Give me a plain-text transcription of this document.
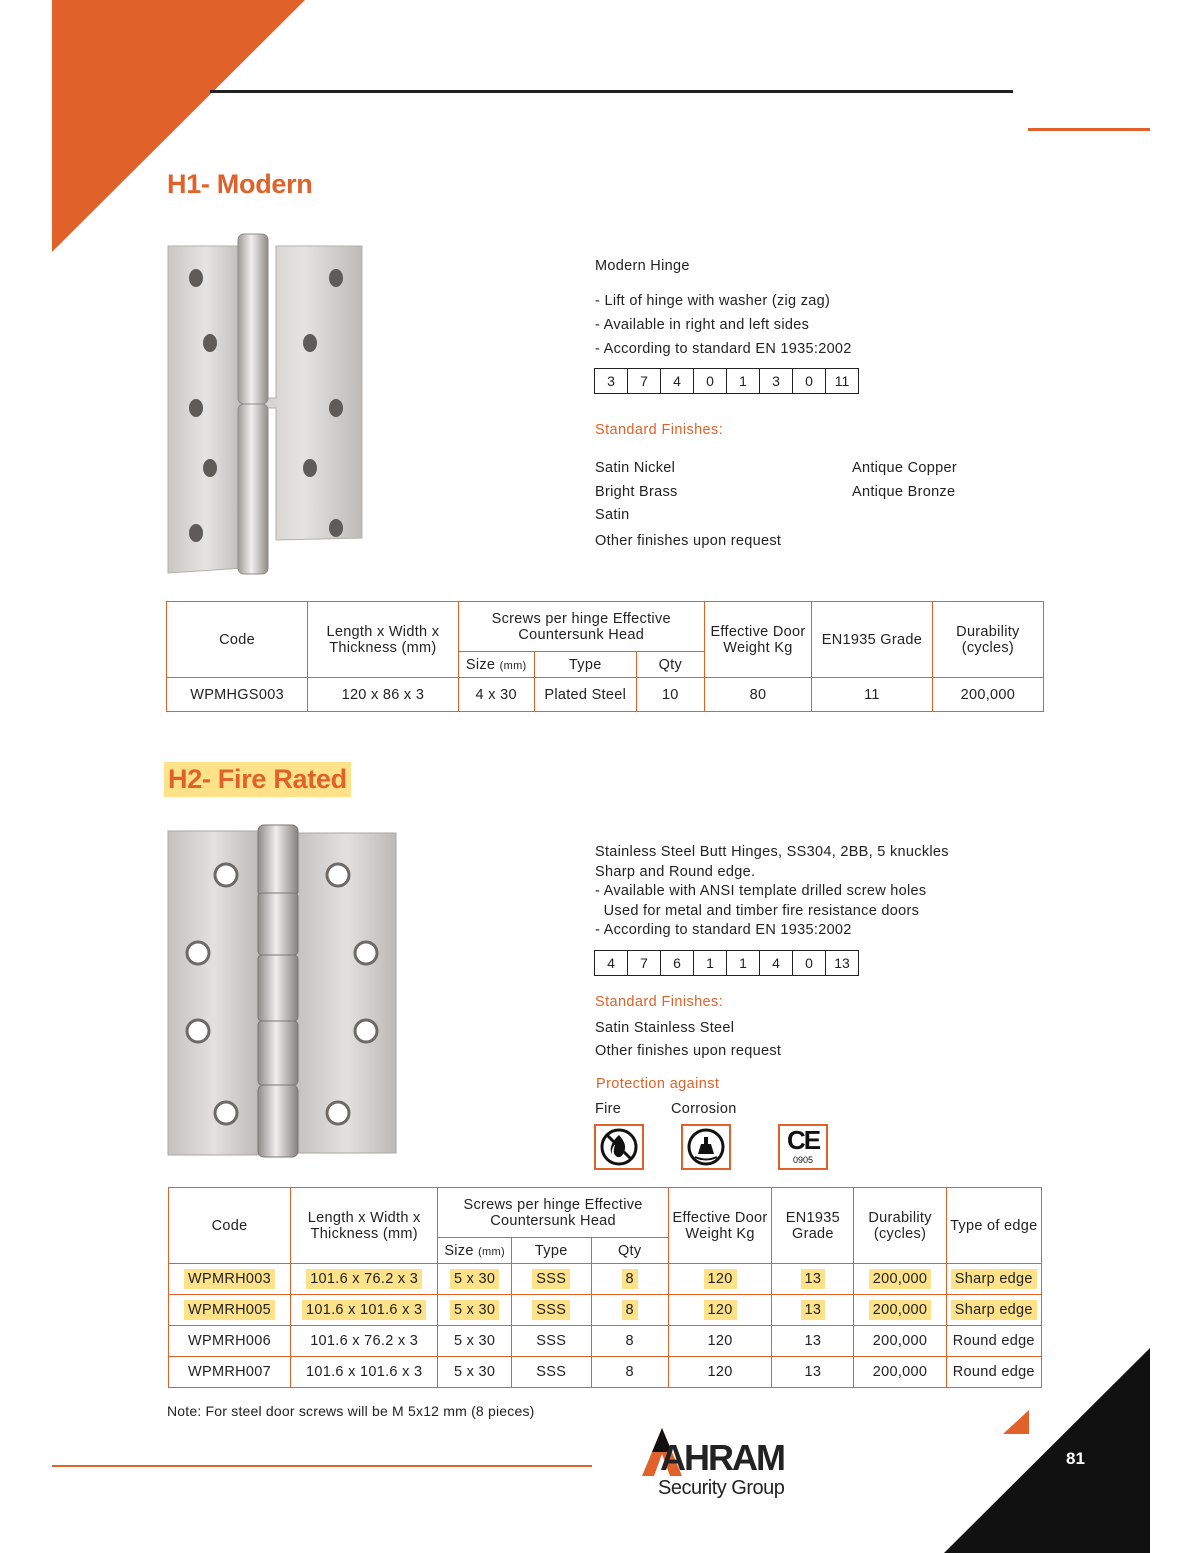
H1- Modern
Modern Hinge
- Lift of hinge with washer (zig zag)
- Available in right and left sides
- According to standard EN 1935:2002
3	7	4	0	1	3	0	11
Standard Finishes:
Satin Nickel
Bright Brass
Satin
Antique Copper
Antique Bronze
Other finishes upon request
Code	Length x Width x Thickness (mm)	Screws per hinge Effective Countersunk Head			Effective Door Weight Kg	EN1935 Grade	Durability (cycles)
		Size (mm)	Type	Qty			
WPMHGS003	120 x 86 x 3	4 x 30	Plated Steel	10	80	11	200,000
H2- Fire Rated
Stainless Steel Butt Hinges, SS304, 2BB, 5 knuckles
Sharp and Round edge.
- Available with ANSI template drilled screw holes
Used for metal and timber fire resistance doors
- According to standard EN 1935:2002
4	7	6	1	1	4	0	13
Standard Finishes:
Satin Stainless Steel
Other finishes upon request
Protection against
Fire	Corrosion
CE
0905
Code	Length x Width x Thickness (mm)	Screws per hinge Effective Countersunk Head			Effective Door Weight Kg	EN1935 Grade	Durability (cycles)	Type of edge
		Size (mm)	Type	Qty				
WPMRH003	101.6 x 76.2 x 3	5 x 30	SSS	8	120	13	200,000	Sharp edge
WPMRH005	101.6 x 101.6 x 3	5 x 30	SSS	8	120	13	200,000	Sharp edge
WPMRH006	101.6 x 76.2 x 3	5 x 30	SSS	8	120	13	200,000	Round edge
WPMRH007	101.6 x 101.6 x 3	5 x 30	SSS	8	120	13	200,000	Round edge
Note: For steel door screws will be M 5x12 mm (8 pieces)
81
AHRAM
Security Group
